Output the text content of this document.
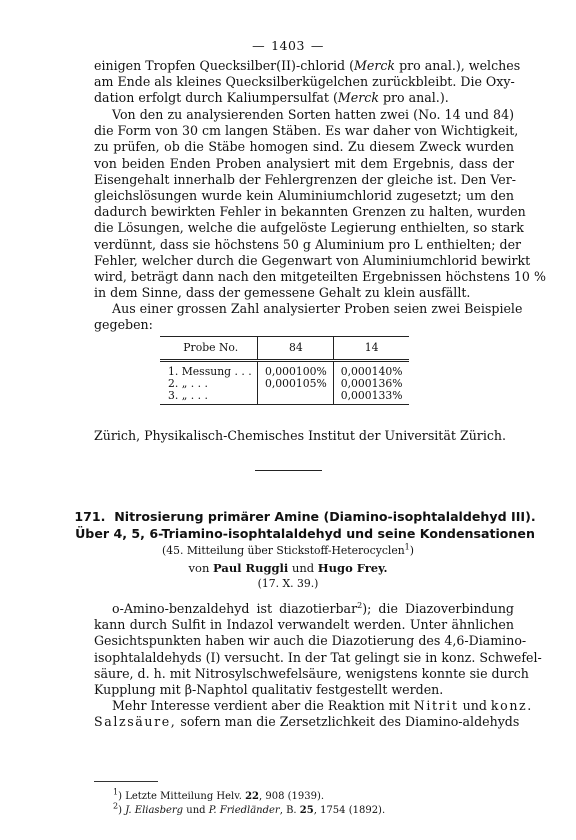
— 1403 —
einigen Tropfen Quecksilber(II)-chlorid (Merck pro anal.), welches
am Ende als kleines Quecksilberkügelchen zurückbleibt. Die Oxy-
dation erfolgt durch Kaliumpersulfat (Merck pro anal.).
Von den zu analysierenden Sorten hatten zwei (No. 14 und 84)
die Form von 30 cm langen Stäben. Es war daher von Wichtigkeit,
zu prüfen, ob die Stäbe homogen sind. Zu diesem Zweck wurden
von beiden Enden Proben analysiert mit dem Ergebnis, dass der
Eisengehalt innerhalb der Fehlergrenzen der gleiche ist. Den Ver-
gleichslösungen wurde kein Aluminiumchlorid zugesetzt; um den
dadurch bewirkten Fehler in bekannten Grenzen zu halten, wurden
die Lösungen, welche die aufgelöste Legierung enthielten, so stark
verdünnt, dass sie höchstens 50 g Aluminium pro L enthielten; der
Fehler, welcher durch die Gegenwart von Aluminiumchlorid bewirkt
wird, beträgt dann nach den mitgeteilten Ergebnissen höchstens 10 %
in dem Sinne, dass der gemessene Gehalt zu klein ausfällt.
Aus einer grossen Zahl analysierter Proben seien zwei Beispiele
gegeben:
Probe No.	84	14
1. Messung . . .	0,000100%	0,000140%
2. „ . . .	0,000105%	0,000136%
3. „ . . .		0,000133%
Zürich, Physikalisch-Chemisches Institut der Universität Zürich.
171. Nitrosierung primärer Amine (Diamino-isophtalaldehyd III).
Über 4, 5, 6-Triamino-isophtalaldehyd und seine Kondensationen
(45. Mitteilung über Stickstoff-Heterocyclen$^1$)
von Paul Ruggli und Hugo Frey.
(17. X. 39.)
o-Amino-benzaldehyd ist diazotierbar$^2$); die Diazoverbindung
kann durch Sulfit in Indazol verwandelt werden. Unter ähnlichen
Gesichtspunkten haben wir auch die Diazotierung des 4,6-Diamino-
isophtalaldehyds (I) versucht. In der Tat gelingt sie in konz. Schwefel-
säure, d. h. mit Nitrosylschwefelsäure, wenigstens konnte sie durch
Kupplung mit β-Naphtol qualitativ festgestellt werden.
Mehr Interesse verdient aber die Reaktion mit Nitrit und konz.
Salzsäure, sofern man die Zersetzlichkeit des Diamino-aldehyds
$^1$) Letzte Mitteilung Helv. 22, 908 (1939).
$^2$) J. Eliasberg und P. Friedländer, B. 25, 1754 (1892).
